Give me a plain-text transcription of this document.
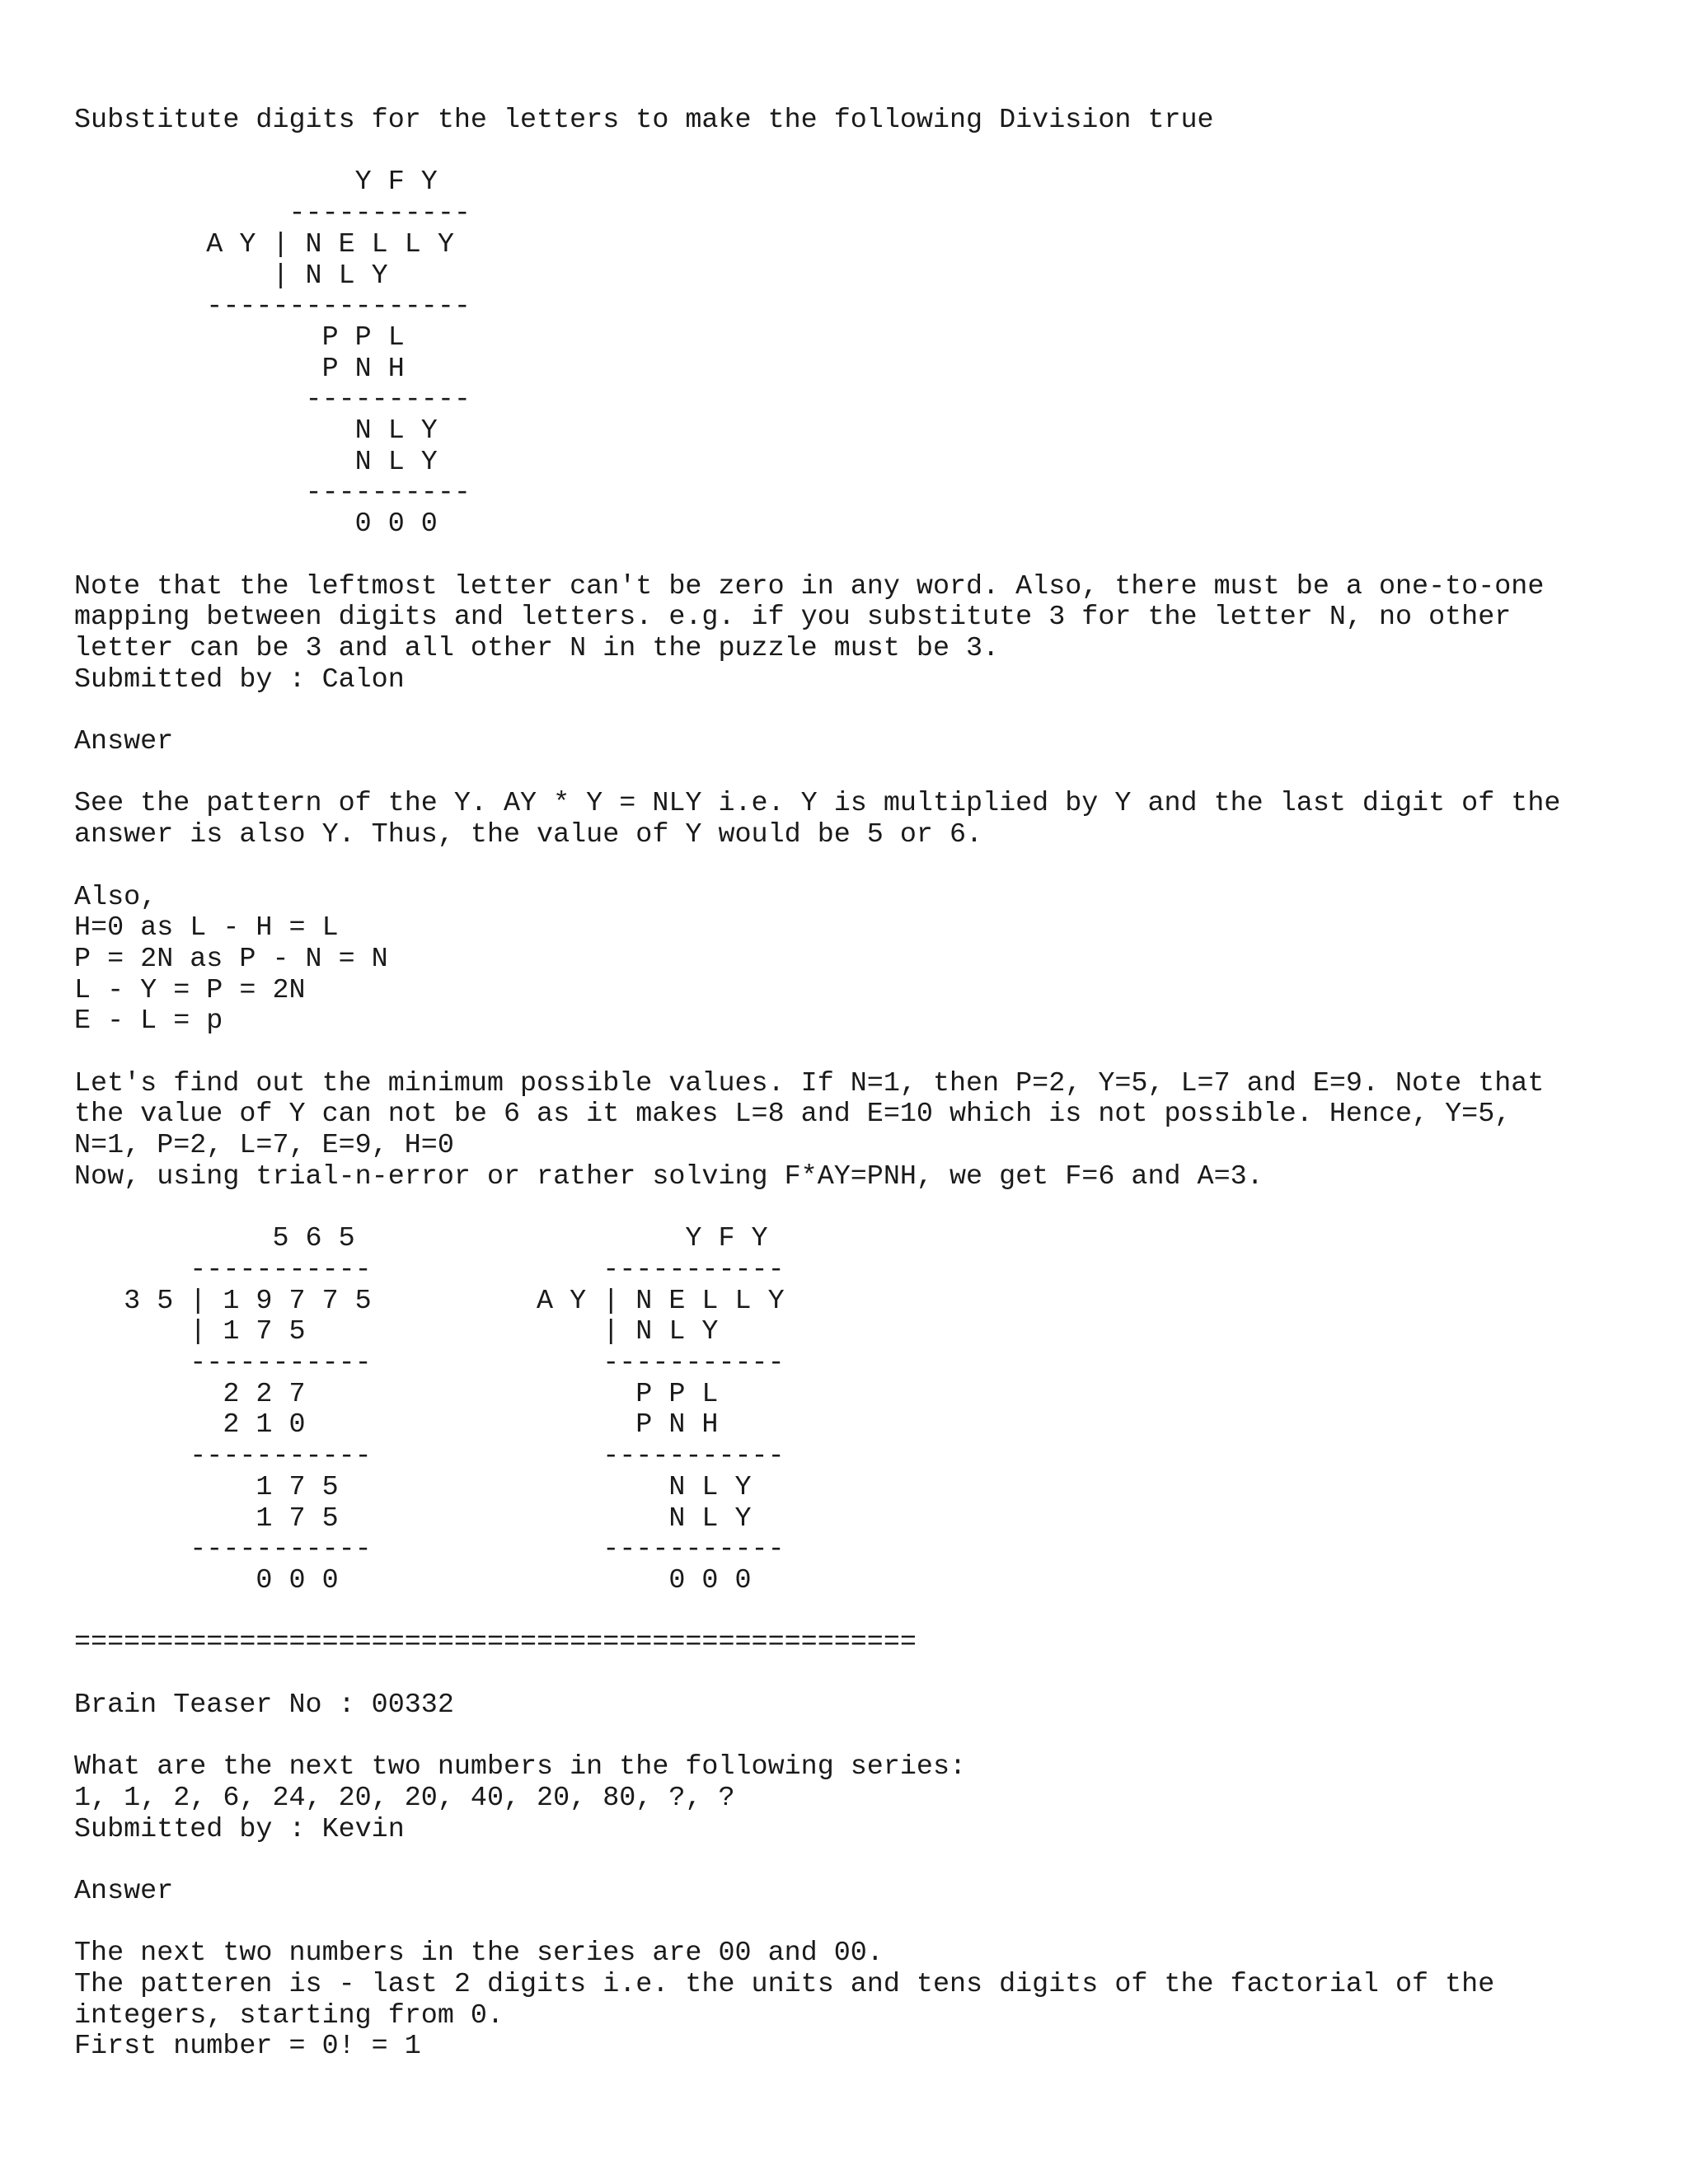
Substitute digits for the letters to make the following Division true
Y F Y
-----------
A Y | N E L L Y
| N L Y
----------------
P P L
P N H
----------
N L Y
N L Y
----------
0 0 0
Note that the leftmost letter can't be zero in any word. Also, there must be a one-to-one
mapping between digits and letters. e.g. if you substitute 3 for the letter N, no other
letter can be 3 and all other N in the puzzle must be 3.
Submitted by : Calon
Answer
See the pattern of the Y. AY * Y = NLY i.e. Y is multiplied by Y and the last digit of the
answer is also Y. Thus, the value of Y would be 5 or 6.
Also,
H=0 as L - H = L
P = 2N as P - N = N
L - Y = P = 2N
E - L = p
Let's find out the minimum possible values. If N=1, then P=2, Y=5, L=7 and E=9. Note that
the value of Y can not be 6 as it makes L=8 and E=10 which is not possible. Hence, Y=5,
N=1, P=2, L=7, E=9, H=0
Now, using trial-n-error or rather solving F*AY=PNH, we get F=6 and A=3.
5 6 5                    Y F Y
-----------              -----------
3 5 | 1 9 7 7 5          A Y | N E L L Y
| 1 7 5                  | N L Y
-----------              -----------
2 2 7                    P P L
2 1 0                    P N H
-----------              -----------
1 7 5                    N L Y
1 7 5                    N L Y
-----------              -----------
0 0 0                    0 0 0
===================================================
Brain Teaser No : 00332
What are the next two numbers in the following series:
1, 1, 2, 6, 24, 20, 20, 40, 20, 80, ?, ?
Submitted by : Kevin
Answer
The next two numbers in the series are 00 and 00.
The patteren is - last 2 digits i.e. the units and tens digits of the factorial of the
integers, starting from 0.
First number = 0! = 1
